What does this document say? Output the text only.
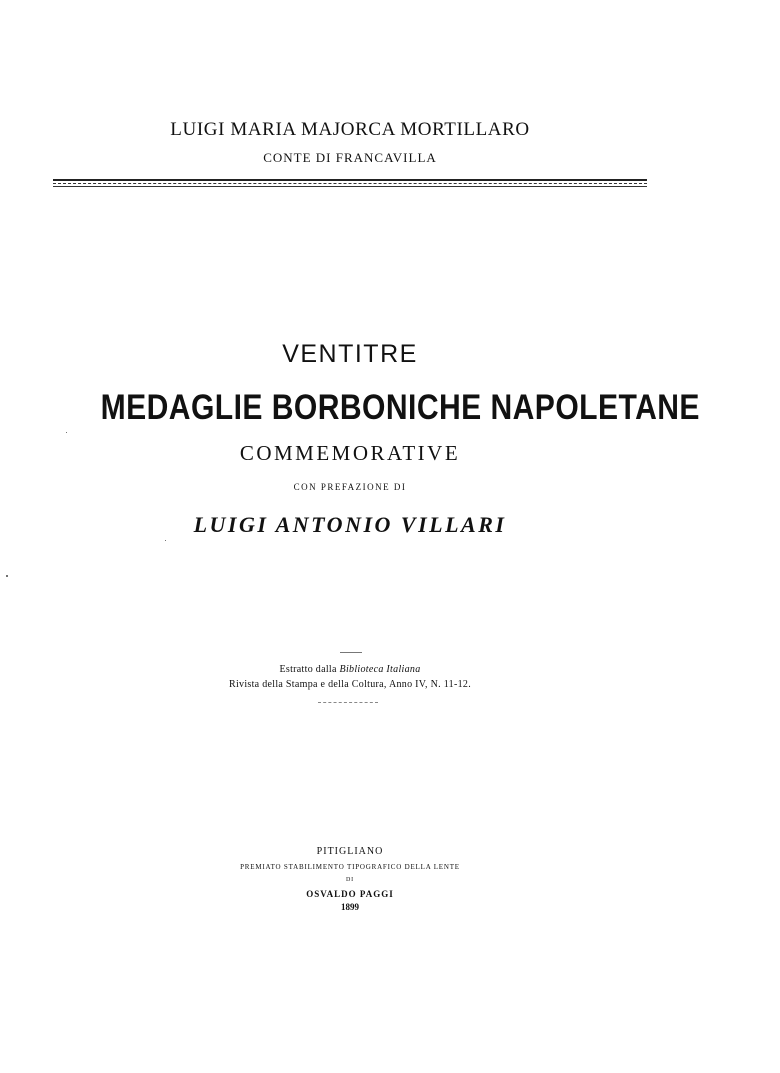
LUIGI MARIA MAJORCA MORTILLARO
CONTE DI FRANCAVILLA
VENTITRE
MEDAGLIE BORBONICHE NAPOLETANE
COMMEMORATIVE
CON PREFAZIONE DI
LUIGI ANTONIO VILLARI
Estratto dalla Biblioteca Italiana
Rivista della Stampa e della Coltura, Anno IV, N. 11-12.
PITIGLIANO
PREMIATO STABILIMENTO TIPOGRAFICO DELLA LENTE
DI
OSVALDO PAGGI
1899
